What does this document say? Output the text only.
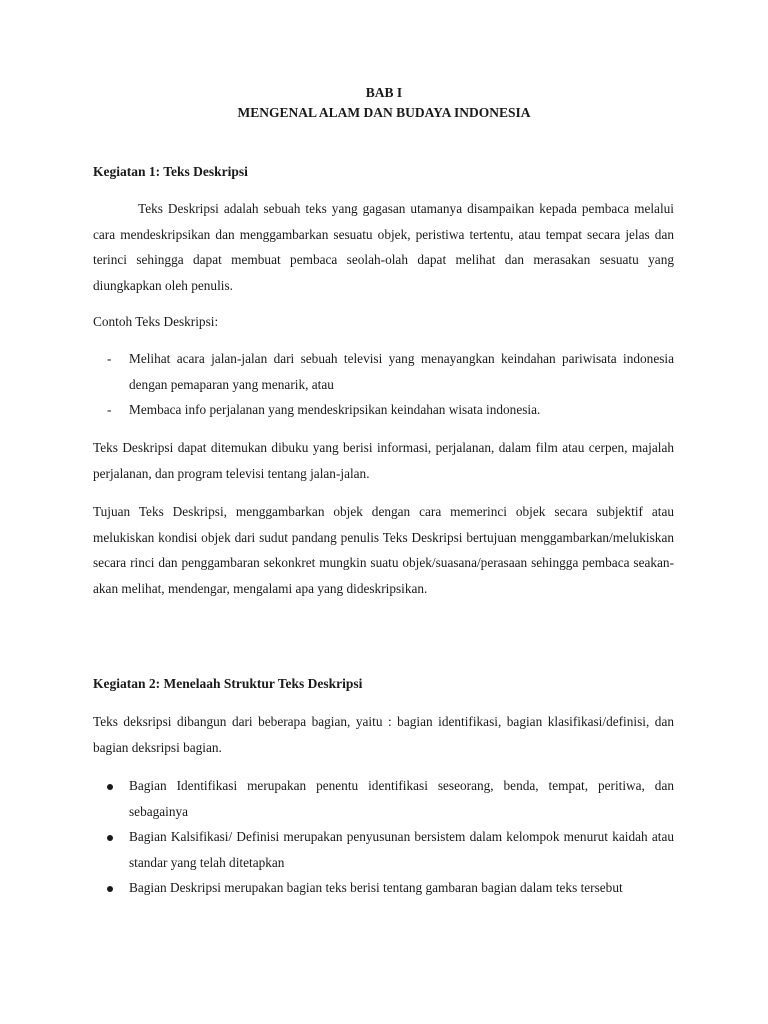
BAB I
MENGENAL ALAM DAN BUDAYA INDONESIA
Kegiatan 1: Teks Deskripsi

Teks Deskripsi adalah sebuah teks yang gagasan utamanya disampaikan kepada pembaca melalui cara mendeskripsikan dan menggambarkan sesuatu objek, peristiwa tertentu, atau tempat secara jelas dan terinci sehingga dapat membuat pembaca seolah-olah dapat melihat dan merasakan sesuatu yang diungkapkan oleh penulis.

Contoh Teks Deskripsi:
- Melihat acara jalan-jalan dari sebuah televisi yang menayangkan keindahan pariwisata indonesia dengan pemaparan yang menarik, atau
- Membaca info perjalanan yang mendeskripsikan keindahan wisata indonesia.

Teks Deskripsi dapat ditemukan dibuku yang berisi informasi, perjalanan, dalam film atau cerpen, majalah perjalanan, dan program televisi tentang jalan-jalan.

Tujuan Teks Deskripsi, menggambarkan objek dengan cara memerinci objek secara subjektif atau melukiskan kondisi objek dari sudut pandang penulis Teks Deskripsi bertujuan menggambarkan/melukiskan secara rinci dan penggambaran sekonkret mungkin suatu objek/suasana/perasaan sehingga pembaca seakan-akan melihat, mendengar, mengalami apa yang dideskripsikan.

Kegiatan 2: Menelaah Struktur Teks Deskripsi

Teks deksripsi dibangun dari beberapa bagian, yaitu : bagian identifikasi, bagian klasifikasi/definisi, dan bagian deksripsi bagian.

Bagian Identifikasi merupakan penentu identifikasi seseorang, benda, tempat, peritiwa, dan sebagainya
Bagian Kalsifikasi/ Definisi merupakan penyusunan bersistem dalam kelompok menurut kaidah atau standar yang telah ditetapkan
Bagian Deskripsi merupakan bagian teks berisi tentang gambaran bagian dalam teks tersebut
